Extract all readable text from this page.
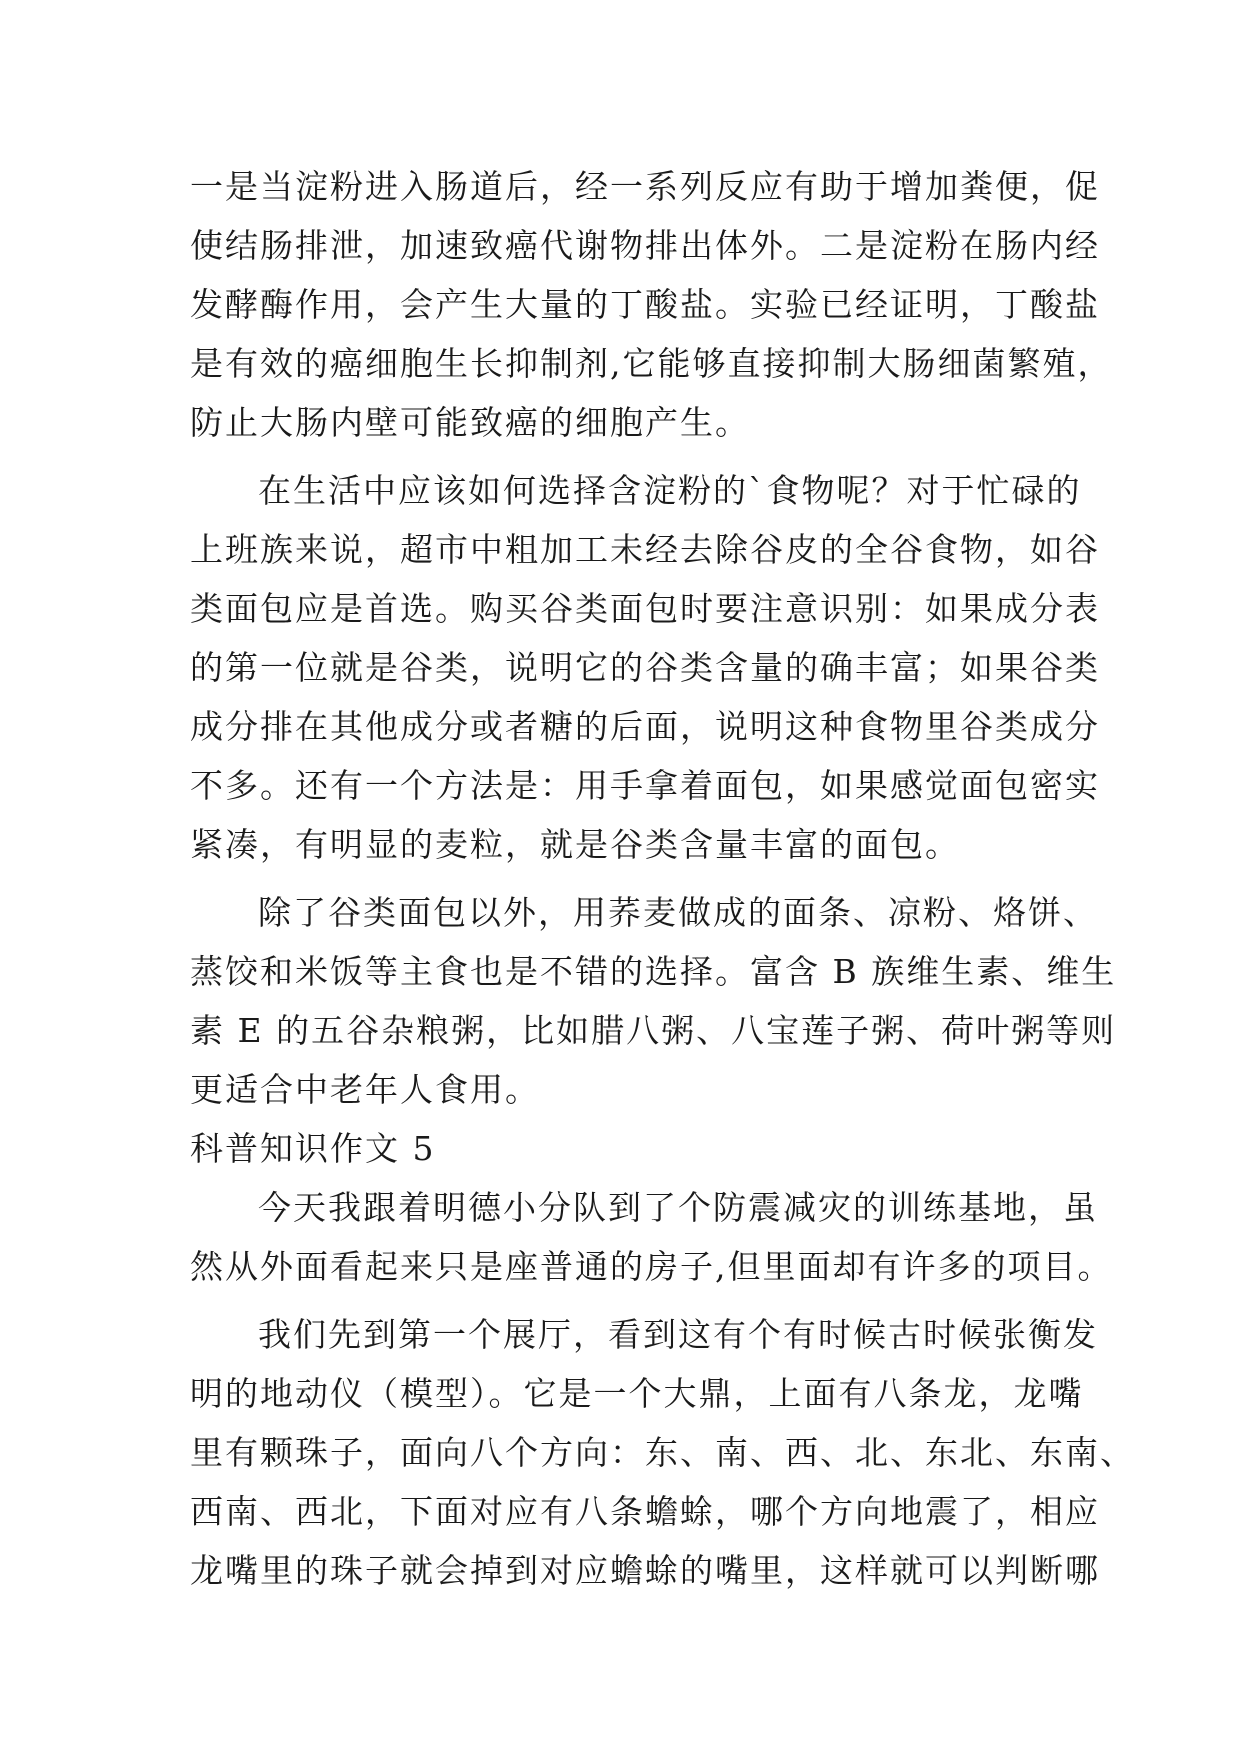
一是当淀粉进入肠道后，经一系列反应有助于增加粪便，促
使结肠排泄，加速致癌代谢物排出体外。二是淀粉在肠内经
发酵酶作用，会产生大量的丁酸盐。实验已经证明，丁酸盐
是有效的癌细胞生长抑制剂,它能够直接抑制大肠细菌繁殖，
防止大肠内壁可能致癌的细胞产生。
在生活中应该如何选择含淀粉的`食物呢？对于忙碌的
上班族来说，超市中粗加工未经去除谷皮的全谷食物，如谷
类面包应是首选。购买谷类面包时要注意识别：如果成分表
的第一位就是谷类，说明它的谷类含量的确丰富；如果谷类
成分排在其他成分或者糖的后面，说明这种食物里谷类成分
不多。还有一个方法是：用手拿着面包，如果感觉面包密实
紧凑，有明显的麦粒，就是谷类含量丰富的面包。
除了谷类面包以外，用荞麦做成的面条、凉粉、烙饼、
蒸饺和米饭等主食也是不错的选择。富含 B 族维生素、维生
素 E 的五谷杂粮粥，比如腊八粥、八宝莲子粥、荷叶粥等则
更适合中老年人食用。
科普知识作文 5
今天我跟着明德小分队到了个防震减灾的训练基地，虽
然从外面看起来只是座普通的房子,但里面却有许多的项目。
我们先到第一个展厅，看到这有个有时候古时候张衡发
明的地动仪（模型）。它是一个大鼎，上面有八条龙，龙嘴
里有颗珠子，面向八个方向：东、南、西、北、东北、东南、
西南、西北，下面对应有八条蟾蜍，哪个方向地震了，相应
龙嘴里的珠子就会掉到对应蟾蜍的嘴里，这样就可以判断哪
